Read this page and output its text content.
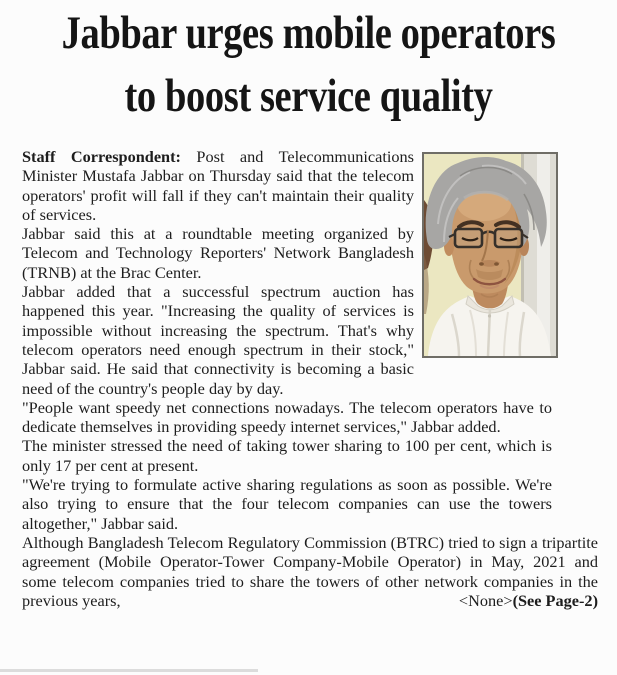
Jabbar urges mobile operators
to boost service quality

Staff Correspondent: Post and Telecommunications Minister Mustafa Jabbar on Thursday said that the telecom operators' profit will fall if they can't maintain their quality of services.

Jabbar said this at a roundtable meeting organized by Telecom and Technology Reporters' Network Bangladesh (TRNB) at the Brac Center.

Jabbar added that a successful spectrum auction has happened this year. "Increasing the quality of services is impossible without increasing the spectrum. That's why telecom operators need enough spectrum in their stock," Jabbar said. He said that connectivity is becoming a basic need of the country's people day by day.

"People want speedy net connections nowadays. The telecom operators have to dedicate themselves in providing speedy internet services," Jabbar added.

The minister stressed the need of taking tower sharing to 100 per cent, which is only 17 per cent at present.

"We're trying to formulate active sharing regulations as soon as possible. We're also trying to ensure that the four telecom companies can use the towers altogether," Jabbar said.

Although Bangladesh Telecom Regulatory Commission (BTRC) tried to sign a tripartite agreement (Mobile Operator-Tower Company-Mobile Operator) in May, 2021 and some telecom companies tried to share the towers of other network companies in the previous years,	<None>(See Page-2)
